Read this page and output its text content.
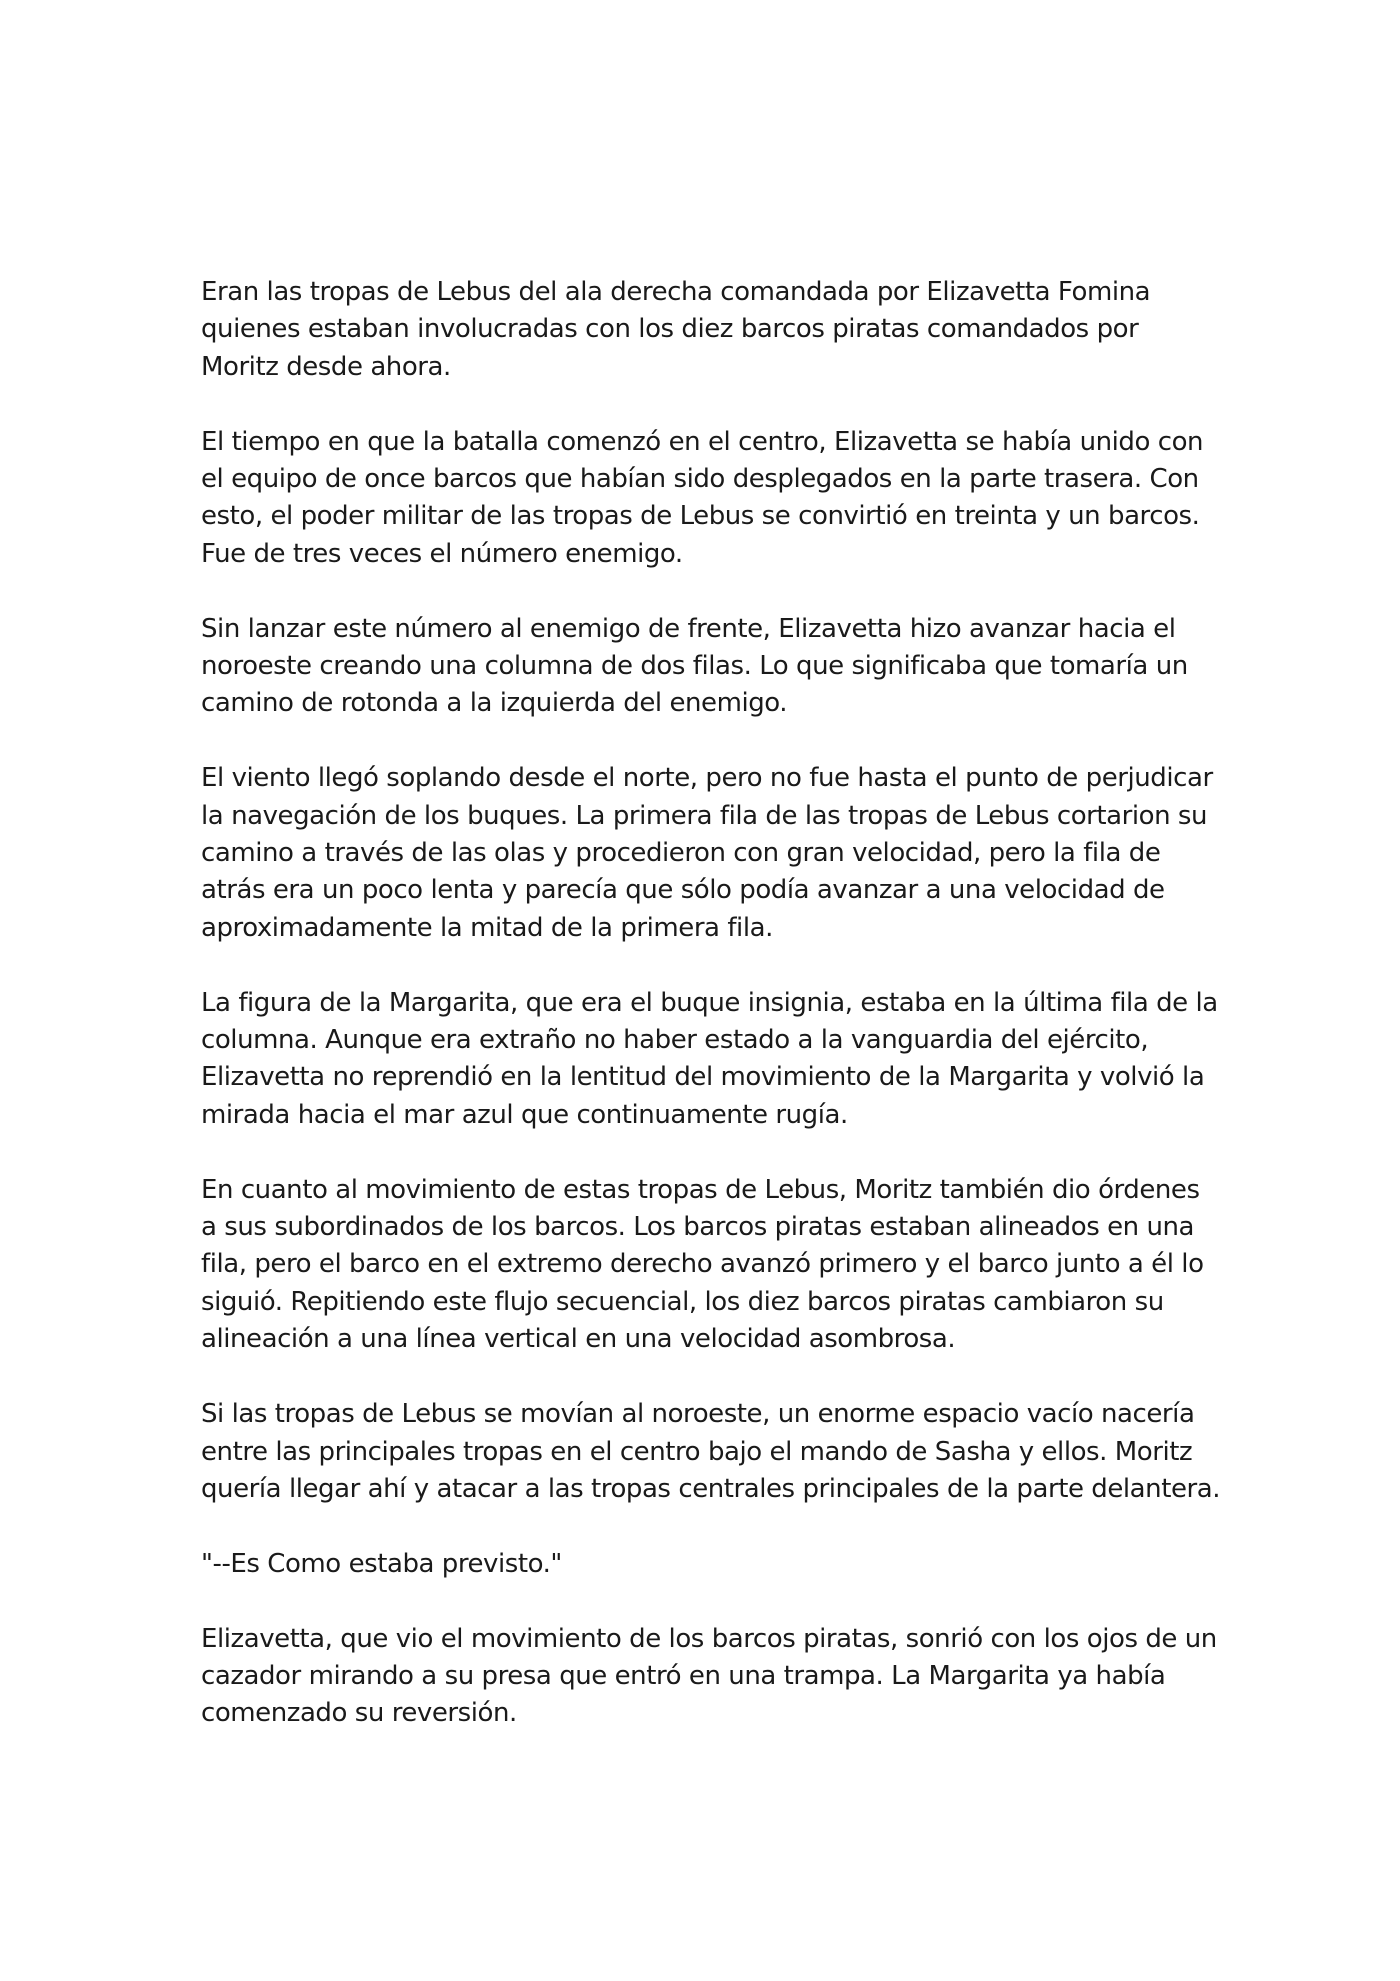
Eran las tropas de Lebus del ala derecha comandada por Elizavetta Fomina quienes estaban involucradas con los diez barcos piratas comandados por Moritz desde ahora.

El tiempo en que la batalla comenzó en el centro, Elizavetta se había unido con el equipo de once barcos que habían sido desplegados en la parte trasera. Con esto, el poder militar de las tropas de Lebus se convirtió en treinta y un barcos. Fue de tres veces el número enemigo.

Sin lanzar este número al enemigo de frente, Elizavetta hizo avanzar hacia el noroeste creando una columna de dos filas. Lo que significaba que tomaría un camino de rotonda a la izquierda del enemigo.

El viento llegó soplando desde el norte, pero no fue hasta el punto de perjudicar la navegación de los buques. La primera fila de las tropas de Lebus cortarion su camino a través de las olas y procedieron con gran velocidad, pero la fila de atrás era un poco lenta y parecía que sólo podía avanzar a una velocidad de aproximadamente la mitad de la primera fila.

La figura de la Margarita, que era el buque insignia, estaba en la última fila de la columna. Aunque era extraño no haber estado a la vanguardia del ejército, Elizavetta no reprendió en la lentitud del movimiento de la Margarita y volvió la mirada hacia el mar azul que continuamente rugía.

En cuanto al movimiento de estas tropas de Lebus, Moritz también dio órdenes a sus subordinados de los barcos. Los barcos piratas estaban alineados en una fila, pero el barco en el extremo derecho avanzó primero y el barco junto a él lo siguió. Repitiendo este flujo secuencial, los diez barcos piratas cambiaron su alineación a una línea vertical en una velocidad asombrosa.

Si las tropas de Lebus se movían al noroeste, un enorme espacio vacío nacería entre las principales tropas en el centro bajo el mando de Sasha y ellos. Moritz quería llegar ahí y atacar a las tropas centrales principales de la parte delantera.

"--Es Como estaba previsto."

Elizavetta, que vio el movimiento de los barcos piratas, sonrió con los ojos de un cazador mirando a su presa que entró en una trampa. La Margarita ya había comenzado su reversión.
